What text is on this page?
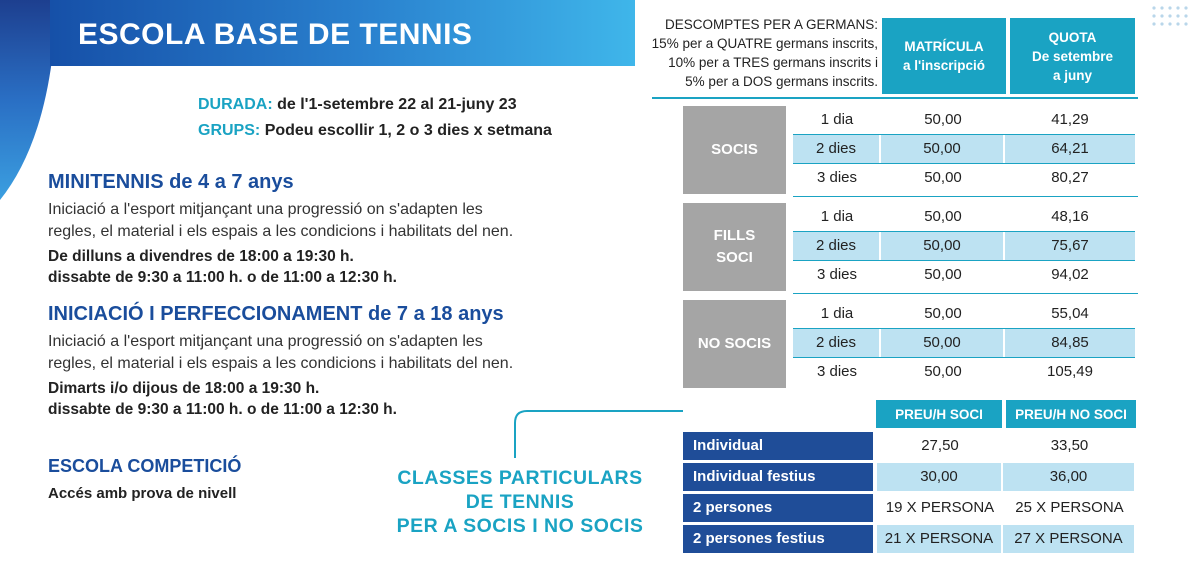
ESCOLA BASE DE TENNIS
DURADA: de l'1-setembre 22 al 21-juny 23
GRUPS: Podeu escollir 1, 2 o 3 dies x setmana
MINITENNIS de 4 a 7 anys
Iniciació a l'esport mitjançant una progressió on s'adapten les
regles, el material i els espais a les condicions i habilitats del nen.
De dilluns a divendres de 18:00 a 19:30 h.
dissabte de 9:30 a 11:00 h. o de 11:00 a 12:30 h.
INICIACIÓ I PERFECCIONAMENT de 7 a 18 anys
Iniciació a l'esport mitjançant una progressió on s'adapten les
regles, el material i els espais a les condicions i habilitats del nen.
Dimarts i/o dijous de 18:00 a 19:30 h.
dissabte de 9:30 a 11:00 h. o de 11:00 a 12:30 h.
ESCOLA COMPETICIÓ
Accés amb prova de nivell
CLASSES PARTICULARS
DE TENNIS
PER A SOCIS I NO SOCIS
DESCOMPTES PER A GERMANS:
15% per a QUATRE germans inscrits,
10% per a TRES germans inscrits i
5% per a DOS germans inscrits.
MATRÍCULA
a l'inscripció
QUOTA
De setembre
a juny
SOCIS
1 dia	50,00	41,29
2 dies	50,00	64,21
3 dies	50,00	80,27
FILLS
SOCI
1 dia	50,00	48,16
2 dies	50,00	75,67
3 dies	50,00	94,02
NO SOCIS
1 dia	50,00	55,04
2 dies	50,00	84,85
3 dies	50,00	105,49
PREU/H SOCI	PREU/H NO SOCI
Individual	27,50	33,50
Individual festius	30,00	36,00
2 persones	19 X PERSONA	25 X PERSONA
2 persones festius	21 X PERSONA	27 X PERSONA
